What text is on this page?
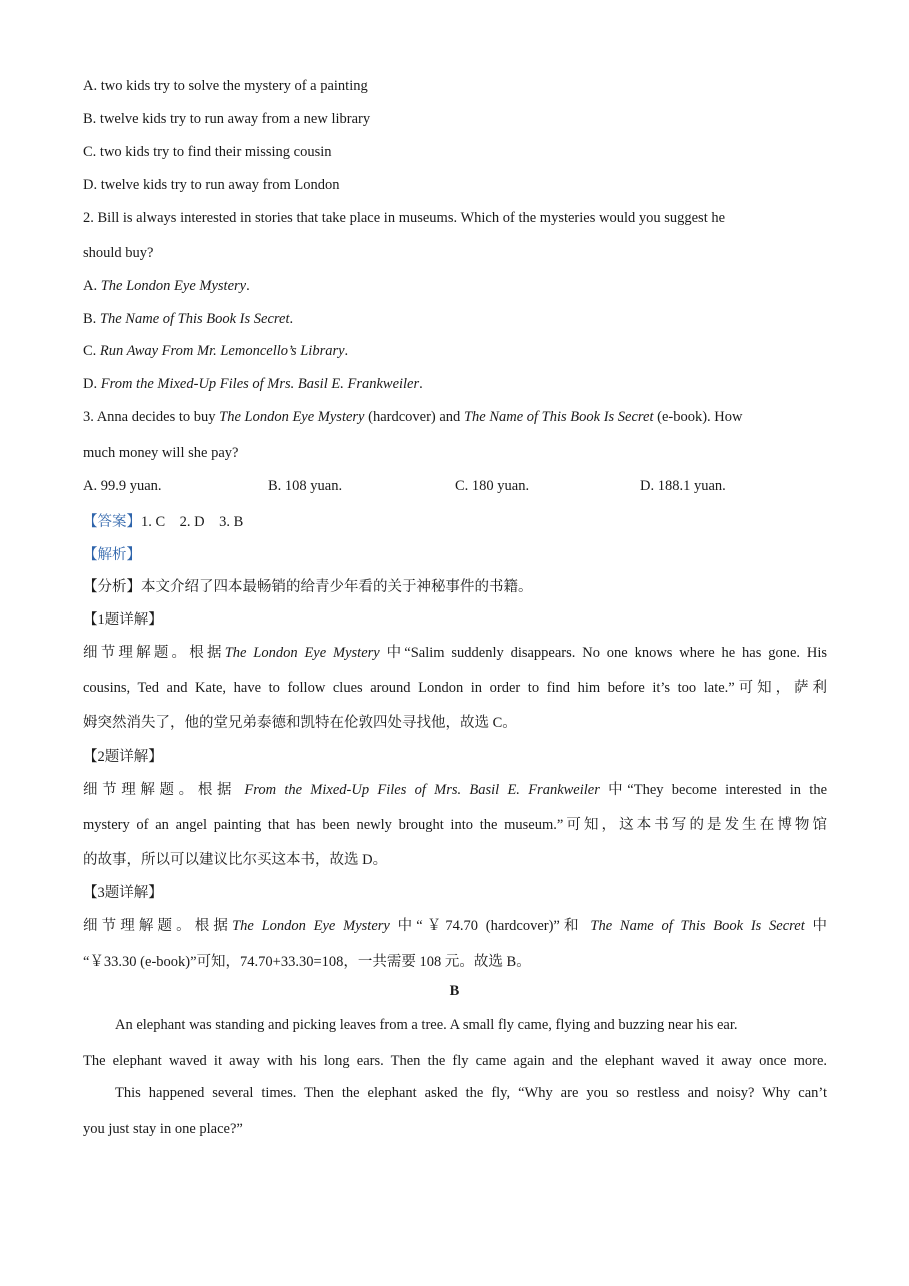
A. two kids try to solve the mystery of a painting
B. twelve kids try to run away from a new library
C. two kids try to find their missing cousin
D. twelve kids try to run away from London
2. Bill is always interested in stories that take place in museums. Which of the mysteries would you suggest he
should buy?
A. The London Eye Mystery.
B. The Name of This Book Is Secret.
C. Run Away From Mr. Lemoncello’s Library.
D. From the Mixed-Up Files of Mrs. Basil E. Frankweiler.
3. Anna decides to buy The London Eye Mystery (hardcover) and The Name of This Book Is Secret (e-book). How
much money will she pay?
A. 99.9 yuan.	B. 108 yuan.	C. 180 yuan.	D. 188.1 yuan.
【答案】1. C    2. D    3. B
【解析】
【分析】本文介绍了四本最畅销的给青少年看的关于神秘事件的书籍。
【1题详解】
细节理解题。根据The London Eye Mystery 中“Salim suddenly disappears. No one knows where he has gone. His
cousins, Ted and Kate, have to follow clues around London in order to find him before it’s too late.”可知，萨利
姆突然消失了，他的堂兄弟泰德和凯特在伦敦四处寻找他，故选 C。
【2题详解】
细节理解题。根据 From the Mixed-Up Files of Mrs. Basil E. Frankweiler 中“They become interested in the
mystery of an angel painting that has been newly brought into the museum.”可知，这本书写的是发生在博物馆
的故事，所以可以建议比尔买这本书，故选 D。
【3题详解】
细节理解题。根据The London Eye Mystery 中“￥74.70 (hardcover)”和 The Name of This Book Is Secret 中
“￥33.30 (e-book)”可知，74.70+33.30=108，一共需要 108 元。故选 B。
B
An elephant was standing and picking leaves from a tree. A small fly came, flying and buzzing near his ear.
The elephant waved it away with his long ears. Then the fly came again and the elephant waved it away once more.
This happened several times. Then the elephant asked the fly, “Why are you so restless and noisy? Why can’t
you just stay in one place?”
